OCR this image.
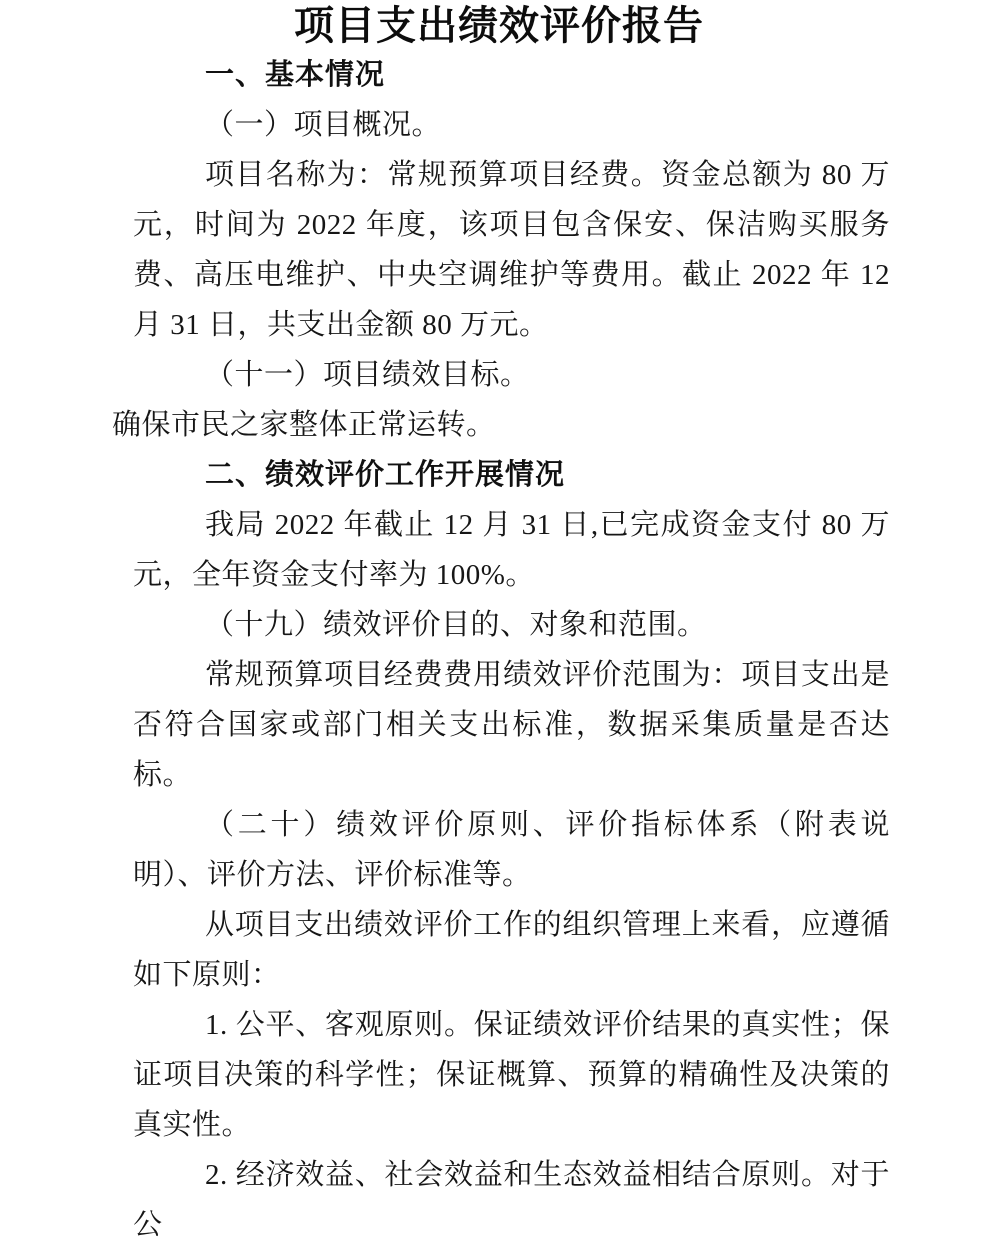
项目支出绩效评价报告
一、基本情况

（一）项目概况。

项目名称为：常规预算项目经费。资金总额为 80 万元，时间为 2022 年度，该项目包含保安、保洁购买服务费、高压电维护、中央空调维护等费用。截止 2022 年 12 月 31 日，共支出金额 80 万元。

（十一）项目绩效目标。

确保市民之家整体正常运转。

二、绩效评价工作开展情况

我局 2022 年截止 12 月 31 日,已完成资金支付 80 万元，全年资金支付率为 100%。

（十九）绩效评价目的、对象和范围。

常规预算项目经费费用绩效评价范围为：项目支出是否符合国家或部门相关支出标准，数据采集质量是否达标。

（二十）绩效评价原则、评价指标体系（附表说明）、评价方法、评价标准等。

从项目支出绩效评价工作的组织管理上来看，应遵循如下原则：

1. 公平、客观原则。保证绩效评价结果的真实性；保证项目决策的科学性；保证概算、预算的精确性及决策的真实性。

2. 经济效益、社会效益和生态效益相结合原则。对于公
